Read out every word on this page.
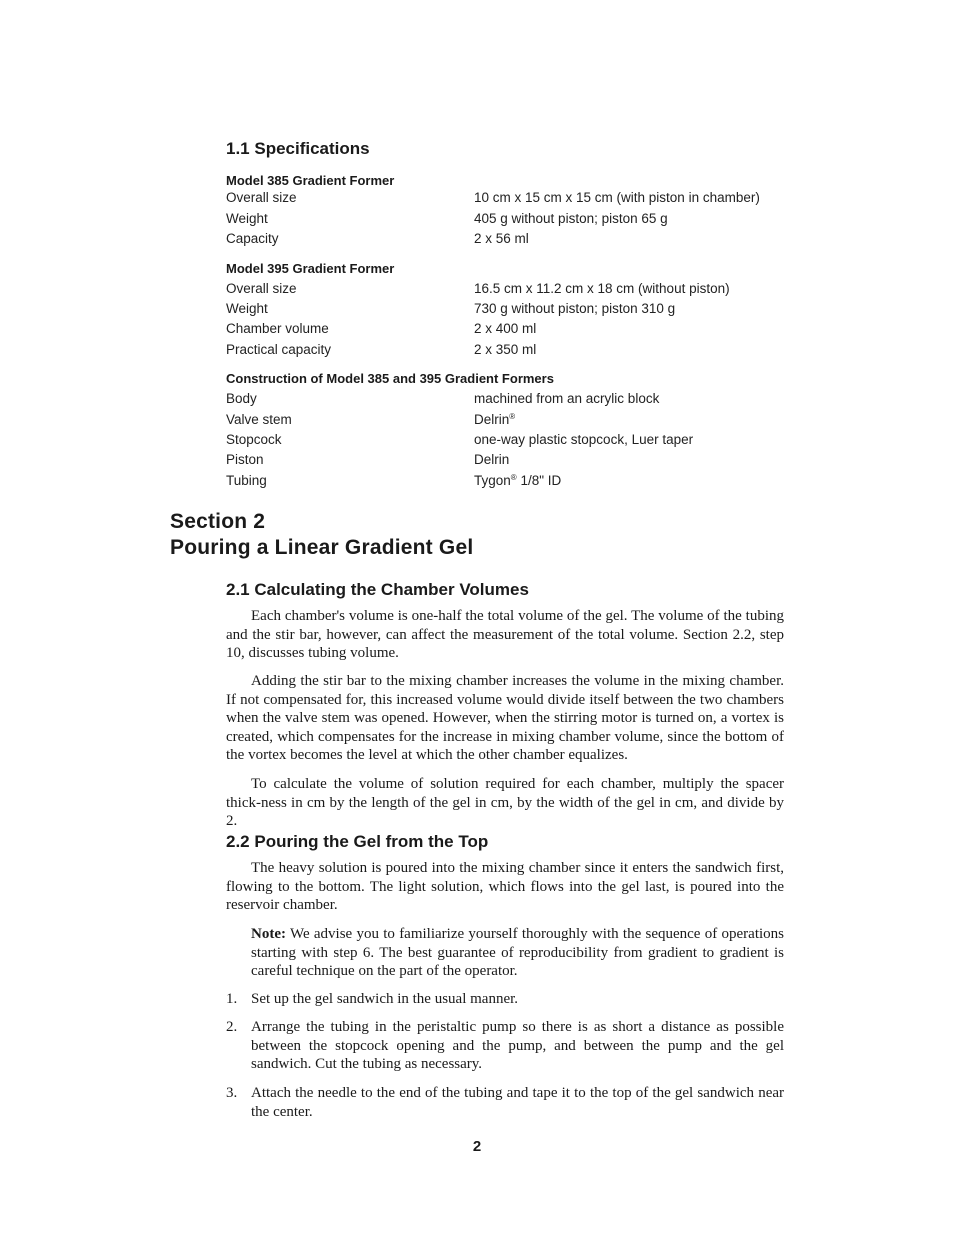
1.1 Specifications
Model 385 Gradient Former
Overall size	10 cm x 15 cm x 15 cm (with piston in chamber)
Weight	405 g without piston; piston 65 g
Capacity	2 x 56 ml
Model 395 Gradient Former
Overall size	16.5 cm x 11.2 cm x 18 cm (without piston)
Weight	730 g without piston; piston 310 g
Chamber volume	2 x 400 ml
Practical capacity	2 x 350 ml
Construction of Model 385 and 395 Gradient Formers
Body	machined from an acrylic block
Valve stem	Delrin®
Stopcock	one-way plastic stopcock, Luer taper
Piston	Delrin
Tubing	Tygon® 1/8" ID
Section 2
Pouring a Linear Gradient Gel
2.1 Calculating the Chamber Volumes

Each chamber's volume is one-half the total volume of the gel. The volume of the tubing and the stir bar, however, can affect the measurement of the total volume. Section 2.2, step 10, discusses tubing volume.

Adding the stir bar to the mixing chamber increases the volume in the mixing chamber. If not compensated for, this increased volume would divide itself between the two chambers when the valve stem was opened. However, when the stirring motor is turned on, a vortex is created, which compensates for the increase in mixing chamber volume, since the bottom of the vortex becomes the level at which the other chamber equalizes.

To calculate the volume of solution required for each chamber, multiply the spacer thick-ness in cm by the length of the gel in cm, by the width of the gel in cm, and divide by 2.

2.2 Pouring the Gel from the Top

The heavy solution is poured into the mixing chamber since it enters the sandwich first, flowing to the bottom. The light solution, which flows into the gel last, is poured into the reservoir chamber.

Note: We advise you to familiarize yourself thoroughly with the sequence of operations starting with step 6. The best guarantee of reproducibility from gradient to gradient is careful technique on the part of the operator.

1. Set up the gel sandwich in the usual manner.

2. Arrange the tubing in the peristaltic pump so there is as short a distance as possible between the stopcock opening and the pump, and between the pump and the gel sandwich. Cut the tubing as necessary.

3. Attach the needle to the end of the tubing and tape it to the top of the gel sandwich near the center.

2
